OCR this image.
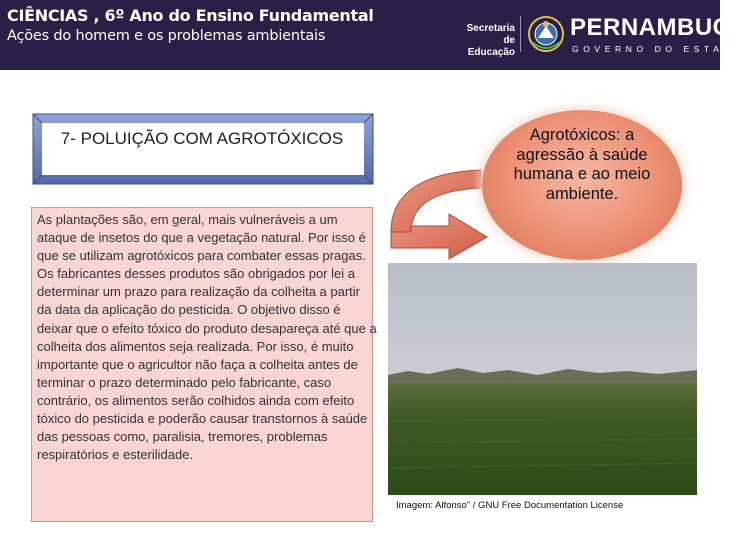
CIÊNCIAS , 6º Ano do Ensino Fundamental
Ações do homem e os problemas ambientais	Secretaria de Educação
PERNAMBUCO
GOVERNO DO ESTADO
7- POLUIÇÃO COM AGROTÓXICOS

As plantações são, em geral, mais vulneráveis a um ataque de insetos do que a vegetação natural. Por isso é que se utilizam agrotóxicos para combater essas pragas. Os fabricantes desses produtos são obrigados por lei a determinar um prazo para realização da colheita a partir da data da aplicação do pesticida. O objetivo disso é deixar que o efeito tóxico do produto desapareça até que a colheita dos alimentos seja realizada. Por isso, é muito importante que o agricultor não faça a colheita antes de terminar o prazo determinado pelo fabricante, caso contrário, os alimentos serão colhidos ainda com efeito tóxico do pesticida e poderão causar transtornos à saúde das pessoas como, paralisia, tremores, problemas respiratórios e esterilidade.

Agrotóxicos: a agressão à saúde humana e ao meio ambiente.
Imagem: Alfonso" / GNU Free Documentation License
